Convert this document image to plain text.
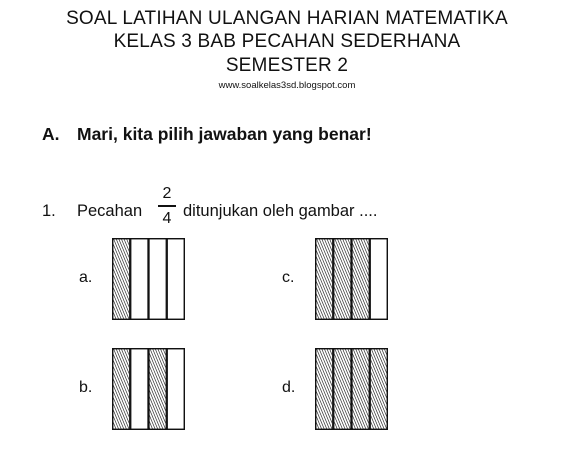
SOAL LATIHAN ULANGAN HARIAN MATEMATIKA
KELAS 3 BAB PECAHAN SEDERHANA
SEMESTER 2
www.soalkelas3sd.blogspot.com
A. Mari, kita pilih jawaban yang benar!
1. Pecahan
2
4 ditunjukan oleh gambar ....
a.	c.
b.	d.
